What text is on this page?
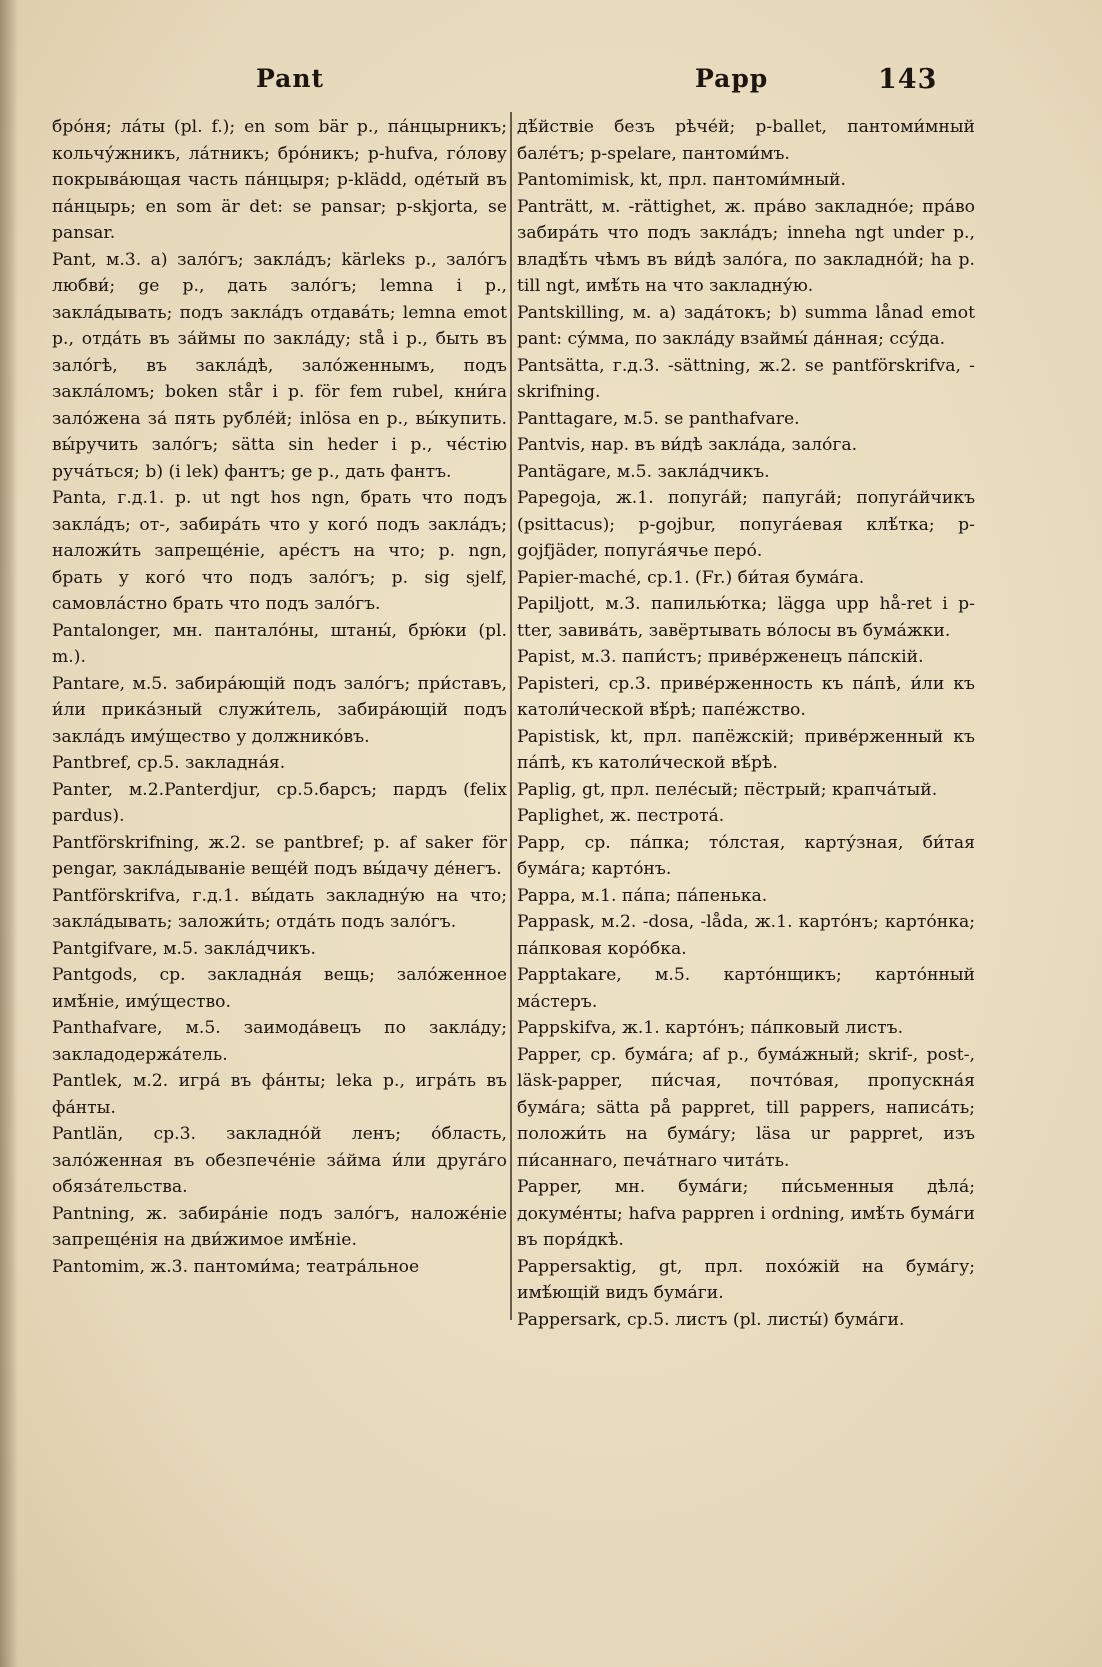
Pant	Papp	143

бро́ня; ла́ты (pl. f.); en som bär p., па́нцырникъ; кольчу́жникъ, ла́тникъ; бро́никъ; p-hufva, го́лову покрыва́ющая часть па́нцыря; p-klädd, оде́тый въ па́нцырь; en som är det: se pansar; p-skjorta, se pansar.

Pant, м.3. a) зало́гъ; закла́дъ; kärleks p., зало́гъ любви́; ge p., дать зало́гъ; lemna i p., закла́дывать; подъ закла́дъ отдава́ть; lemna emot p., отда́ть въ за́ймы по закла́ду; stå i p., быть въ зало́гѣ, въ закла́дѣ, зало́женнымъ, подъ закла́ломъ; boken står i p. för fem rubel, кни́га зало́жена за́ пять рубле́й; inlösa en p., вы́купить. вы́ручить зало́гъ; sätta sin heder i p., че́стію руча́ться; b) (i lek) фантъ; ge p., дать фантъ.

Panta, г.д.1. p. ut ngt hos ngn, брать что подъ закла́дъ; от-, забира́ть что у кого́ подъ закла́дъ; наложи́ть запреще́ніе, аре́стъ на что; p. ngn, брать у кого́ что подъ зало́гъ; p. sig sjelf, самовла́стно брать что подъ зало́гъ.

Pantalonger, мн. пантало́ны, штаны́, брю́ки (pl. m.).

Pantare, м.5. забира́ющій подъ зало́гъ; при́ставъ, и́ли прика́зный служи́тель, забира́ющій подъ закла́дъ иму́щество у должнико́въ.

Pantbref, ср.5. закладна́я.

Panter, м.2.Panterdjur, ср.5.барсъ; пардъ (felix pardus).

Pantförskrifning, ж.2. se pantbref; p. af saker för pengar, закла́дываніе веще́й подъ вы́дачу де́негъ.

Pantförskrifva, г.д.1. вы́дать закладну́ю на что; закла́дывать; заложи́ть; отда́ть подъ зало́гъ.

Pantgifvare, м.5. закла́дчикъ.

Pantgods, ср. закладна́я вещь; зало́женное имѣ́ніе, иму́щество.

Panthafvare, м.5. заимода́вецъ по закла́ду; закладодержа́тель.

Pantlek, м.2. игра́ въ фа́нты; leka p., игра́ть въ фа́нты.

Pantlän, ср.3. закладно́й ленъ; о́бласть, зало́женная въ обезпече́ніе за́йма и́ли друга́го обяза́тельства.

Pantning, ж. забира́ніе подъ зало́гъ, наложе́ніе запреще́нія на дви́жимое имѣ́ніе.

Pantomim, ж.3. пантоми́ма; театра́льное

дѣ́йствіе безъ рѣче́й; p-ballet, пантоми́мный бале́тъ; p-spelare, пантоми́мъ.

Pantomimisk, kt, прл. пантоми́мный.

Panträtt, м. -rättighet, ж. пра́во закладно́е; пра́во забира́ть что подъ закла́дъ; inneha ngt under p., владѣ́ть чѣмъ въ ви́дѣ зало́га, по закладно́й; ha p. till ngt, имѣ́ть на что закладну́ю.

Pantskilling, м. a) зада́токъ; b) summa lånad emot pant: су́мма, по закла́ду взаймы́ да́нная; ссу́да.

Pantsätta, г.д.3. -sättning, ж.2. se pantförskrifva, -skrifning.

Panttagare, м.5. se panthafvare.

Pantvis, нар. въ ви́дѣ закла́да, зало́га.

Pantägare, м.5. закла́дчикъ.

Papegoja, ж.1. попуга́й; папуга́й; попуга́йчикъ (psittacus); p-gojbur, попуга́евая клѣ́тка; p-gojfjäder, попуга́ячье перо́.

Papier-maché, ср.1. (Fr.) би́тая бума́га.

Papiljott, м.3. папилью́тка; lägga upp hå-ret i p-tter, завива́ть, завёртывать во́лосы въ бума́жки.

Papist, м.3. папи́стъ; приве́рженецъ па́пскій.

Papisteri, ср.3. приве́рженность къ па́пѣ, и́ли къ католи́ческой вѣ́рѣ; папе́жство.

Papistisk, kt, прл. папёжскій; приве́рженный къ па́пѣ, къ католи́ческой вѣ́рѣ.

Paplig, gt, прл. пеле́сый; пёстрый; крапча́тый.

Paplighet, ж. пестрота́.

Papp, ср. па́пка; то́лстая, карту́зная, би́тая бума́га; карто́нъ.

Pappa, м.1. па́па; па́пенька.

Pappask, м.2. -dosa, -låda, ж.1. карто́нъ; карто́нка; па́пковая коро́бка.

Papptakare, м.5. карто́нщикъ; карто́нный ма́стеръ.

Pappskifva, ж.1. карто́нъ; па́пковый листъ.

Papper, ср. бума́га; af p., бума́жный; skrif-, post-, läsk-papper, пи́счая, почто́вая, пропускна́я бума́га; sätta på pappret, till pappers, написа́ть; положи́ть на бума́гу; läsa ur pappret, изъ пи́саннаго, печа́тнаго чита́ть.

Papper, мн. бума́ги; пи́сьменныя дѣла́; докуме́нты; hafva pappren i ordning, имѣ́ть бума́ги въ поря́дкѣ.

Pappersaktig, gt, прл. похо́жій на бума́гу; имѣ́ющій видъ бума́ги.

Pappersark, ср.5. листъ (pl. листы́) бума́ги.
